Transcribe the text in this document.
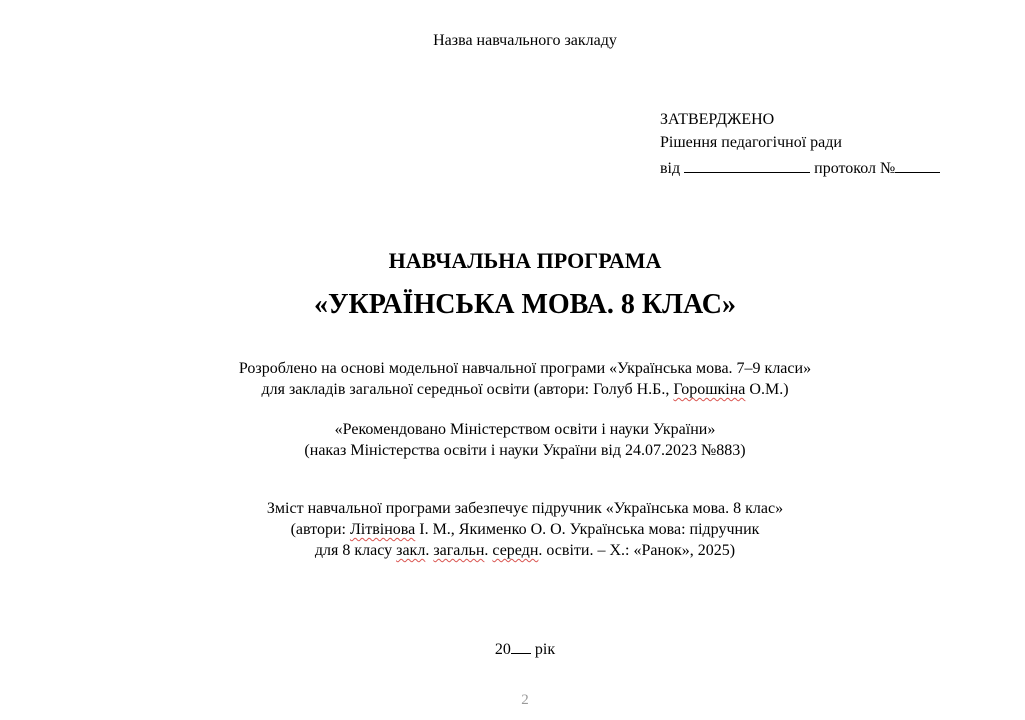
Назва навчального закладу
ЗАТВЕРДЖЕНО
Рішення педагогічної ради
від	протокол №
НАВЧАЛЬНА ПРОГРАМА
«УКРАЇНСЬКА МОВА. 8 КЛАС»
Розроблено на основі модельної навчальної програми «Українська мова. 7–9 класи»
для закладів загальної середньої освіти (автори: Голуб Н.Б., Горошкіна О.М.)
«Рекомендовано Міністерством освіти і науки України»
(наказ Міністерства освіти і науки України від 24.07.2023 №883)
Зміст навчальної програми забезпечує підручник «Українська мова. 8 клас»
(автори: Літвінова І. М., Якименко О. О. Українська мова: підручник
для 8 класу закл. загальн. середн. освіти. – Х.: «Ранок», 2025)
20 рік
2
